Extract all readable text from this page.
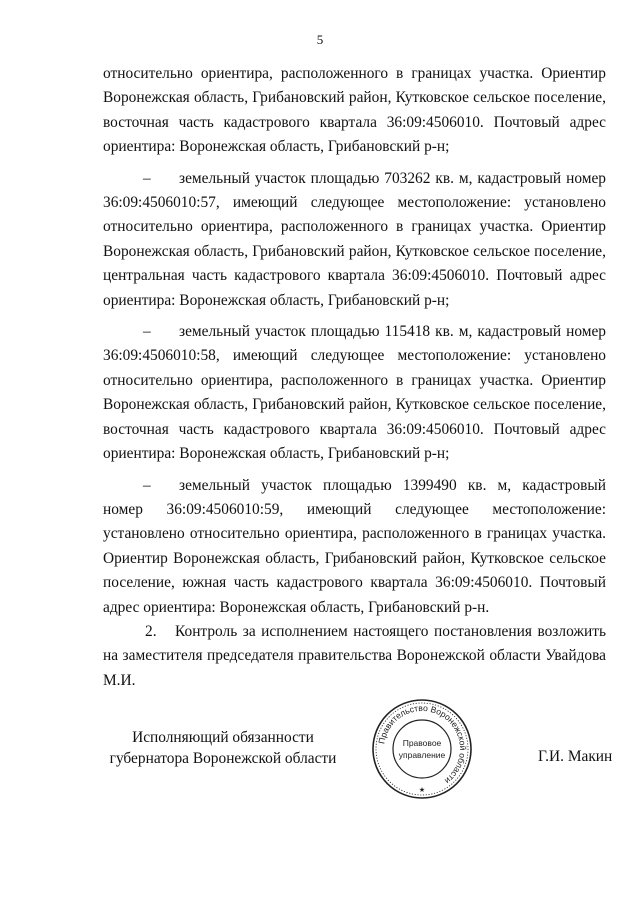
5

относительно ориентира, расположенного в границах участка. Ориентир Воронежская область, Грибановский район, Кутковское сельское поселение, восточная часть кадастрового квартала 36:09:4506010. Почтовый адрес ориентира: Воронежская область, Грибановский р-н;

– земельный участок площадью 703262 кв. м, кадастровый номер 36:09:4506010:57, имеющий следующее местоположение: установлено относительно ориентира, расположенного в границах участка. Ориентир Воронежская область, Грибановский район, Кутковское сельское поселение, центральная часть кадастрового квартала 36:09:4506010. Почтовый адрес ориентира: Воронежская область, Грибановский р-н;

– земельный участок площадью 115418 кв. м, кадастровый номер 36:09:4506010:58, имеющий следующее местоположение: установлено относительно ориентира, расположенного в границах участка. Ориентир Воронежская область, Грибановский район, Кутковское сельское поселение, восточная часть кадастрового квартала 36:09:4506010. Почтовый адрес ориентира: Воронежская область, Грибановский р-н;

– земельный участок площадью 1399490 кв. м, кадастровый номер 36:09:4506010:59, имеющий следующее местоположение: установлено относительно ориентира, расположенного в границах участка. Ориентир Воронежская область, Грибановский район, Кутковское сельское поселение, южная часть кадастрового квартала 36:09:4506010. Почтовый адрес ориентира: Воронежская область, Грибановский р-н.

2. Контроль за исполнением настоящего постановления возложить на заместителя председателя правительства Воронежской области Увайдова М.И.

Исполняющий обязанности
губернатора Воронежской области
Правительство Воронежской области
Правовое
управление
★
Г.И. Макин
